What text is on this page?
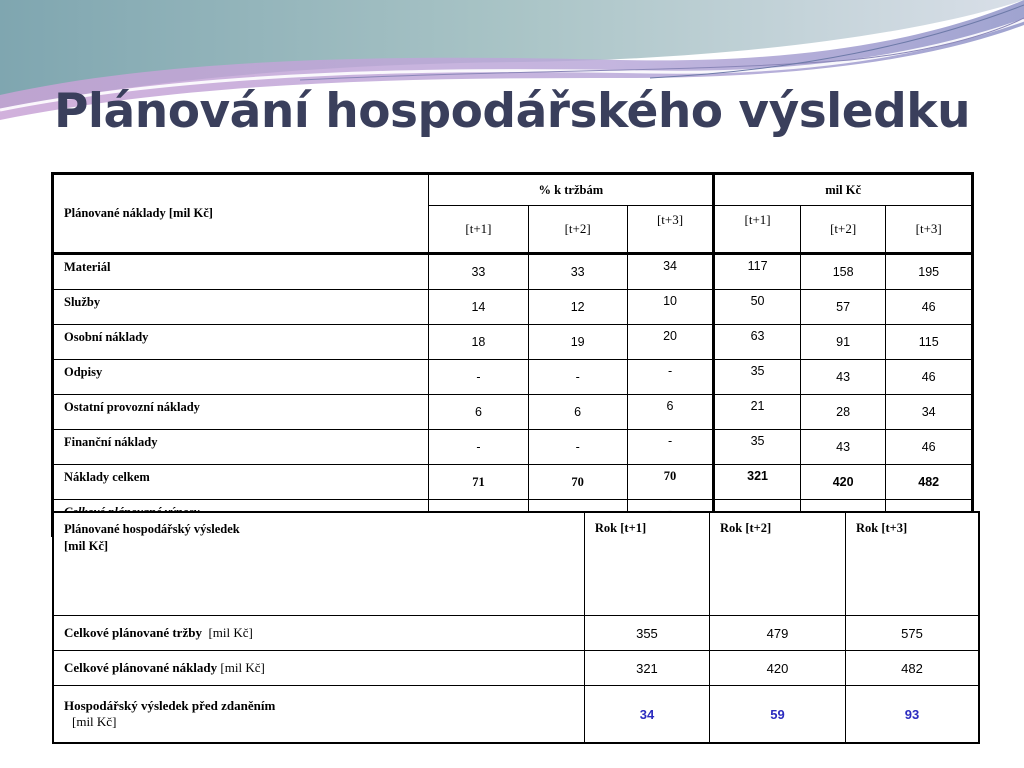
Plánování hospodářského výsledku
Plánované náklady [mil Kč]	% k tržbám			mil Kč		
	[t+1]	[t+2]	[t+3]	[t+1]	[t+2]	[t+3]
Materiál	33	33	34	117	158	195
Služby	14	12	10	50	57	46
Osobní náklady	18	19	20	63	91	115
Odpisy	-	-	-	35	43	46
Ostatní provozní náklady	6	6	6	21	28	34
Finanční náklady	-	-	-	35	43	46
Náklady celkem	71	70	70	321	420	482

Plánované hospodářský výsledek
[mil Kč]	Rok [t+1]	Rok [t+2]	Rok [t+3]
Celkové plánované tržby  [mil Kč]	355	479	575
Celkové plánované náklady [mil Kč]	321	420	482

Hospodářský výsledek před zdaněním
[mil Kč]	34	59	93
